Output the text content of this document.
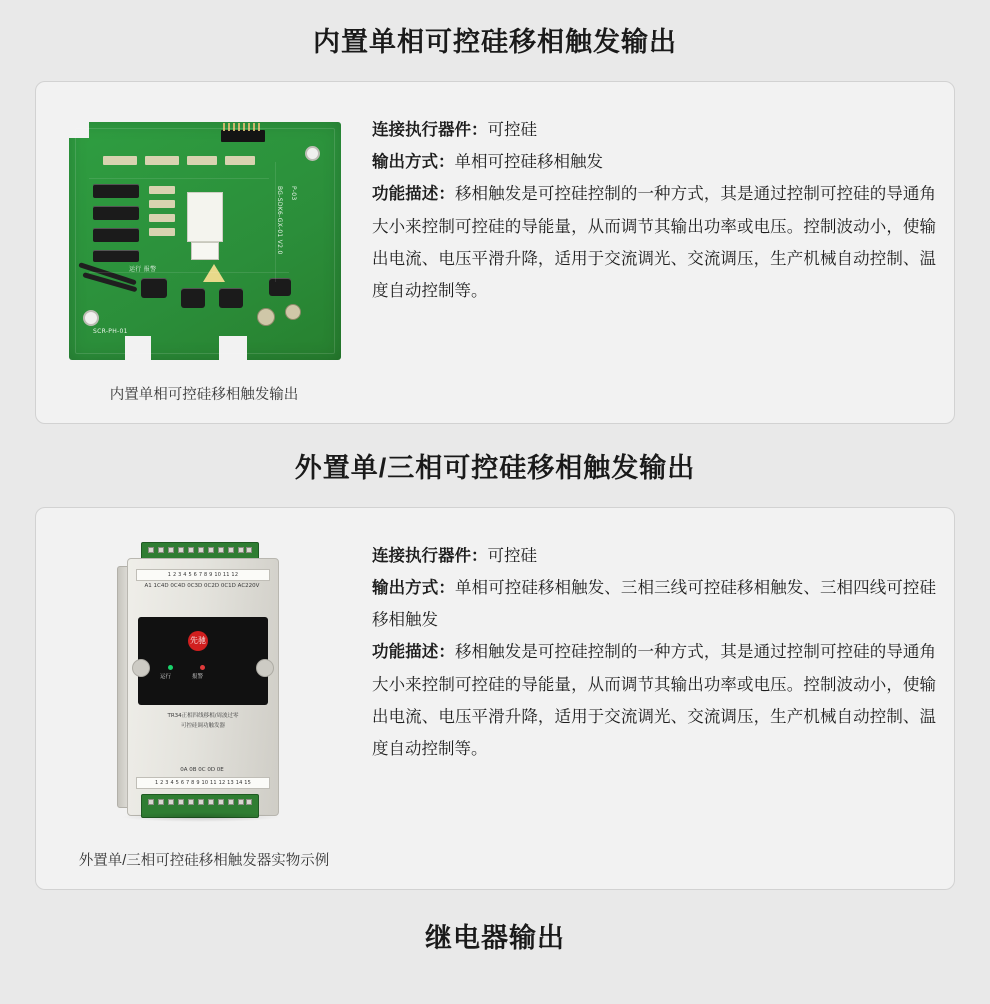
内置单相可控硅移相触发输出
BG-SDK6-GX-01 V2.0 P-03
运行 报警
SCR-PH-01
内置单相可控硅移相触发输出
连接执行器件：可控硅
输出方式：单相可控硅移相触发
功能描述：移相触发是可控硅控制的一种方式，其是通过控制可控硅的导通角大小来控制可控硅的导能量，从而调节其输出功率或电压。控制波动小，使输出电流、电压平滑升降，适用于交流调光、交流调压，生产机械自动控制、温度自动控制等。
外置单/三相可控硅移相触发输出
1 2 3 4 5 6 7 8 9 10 11 12
A1 1C4D 0C4D 0C3D 0C2D 0C1D AC220V
先驰
运行	报警
TR34正相四线移相/周波过零
可控硅调功触发器
0A 0B 0C 0D 0E
1 2 3 4 5 6 7 8 9 10 11 12 13 14 15
外置单/三相可控硅移相触发器实物示例
连接执行器件：可控硅
输出方式：单相可控硅移相触发、三相三线可控硅移相触发、三相四线可控硅移相触发
功能描述：移相触发是可控硅控制的一种方式，其是通过控制可控硅的导通角大小来控制可控硅的导能量，从而调节其输出功率或电压。控制波动小，使输出电流、电压平滑升降，适用于交流调光、交流调压，生产机械自动控制、温度自动控制等。
继电器输出
